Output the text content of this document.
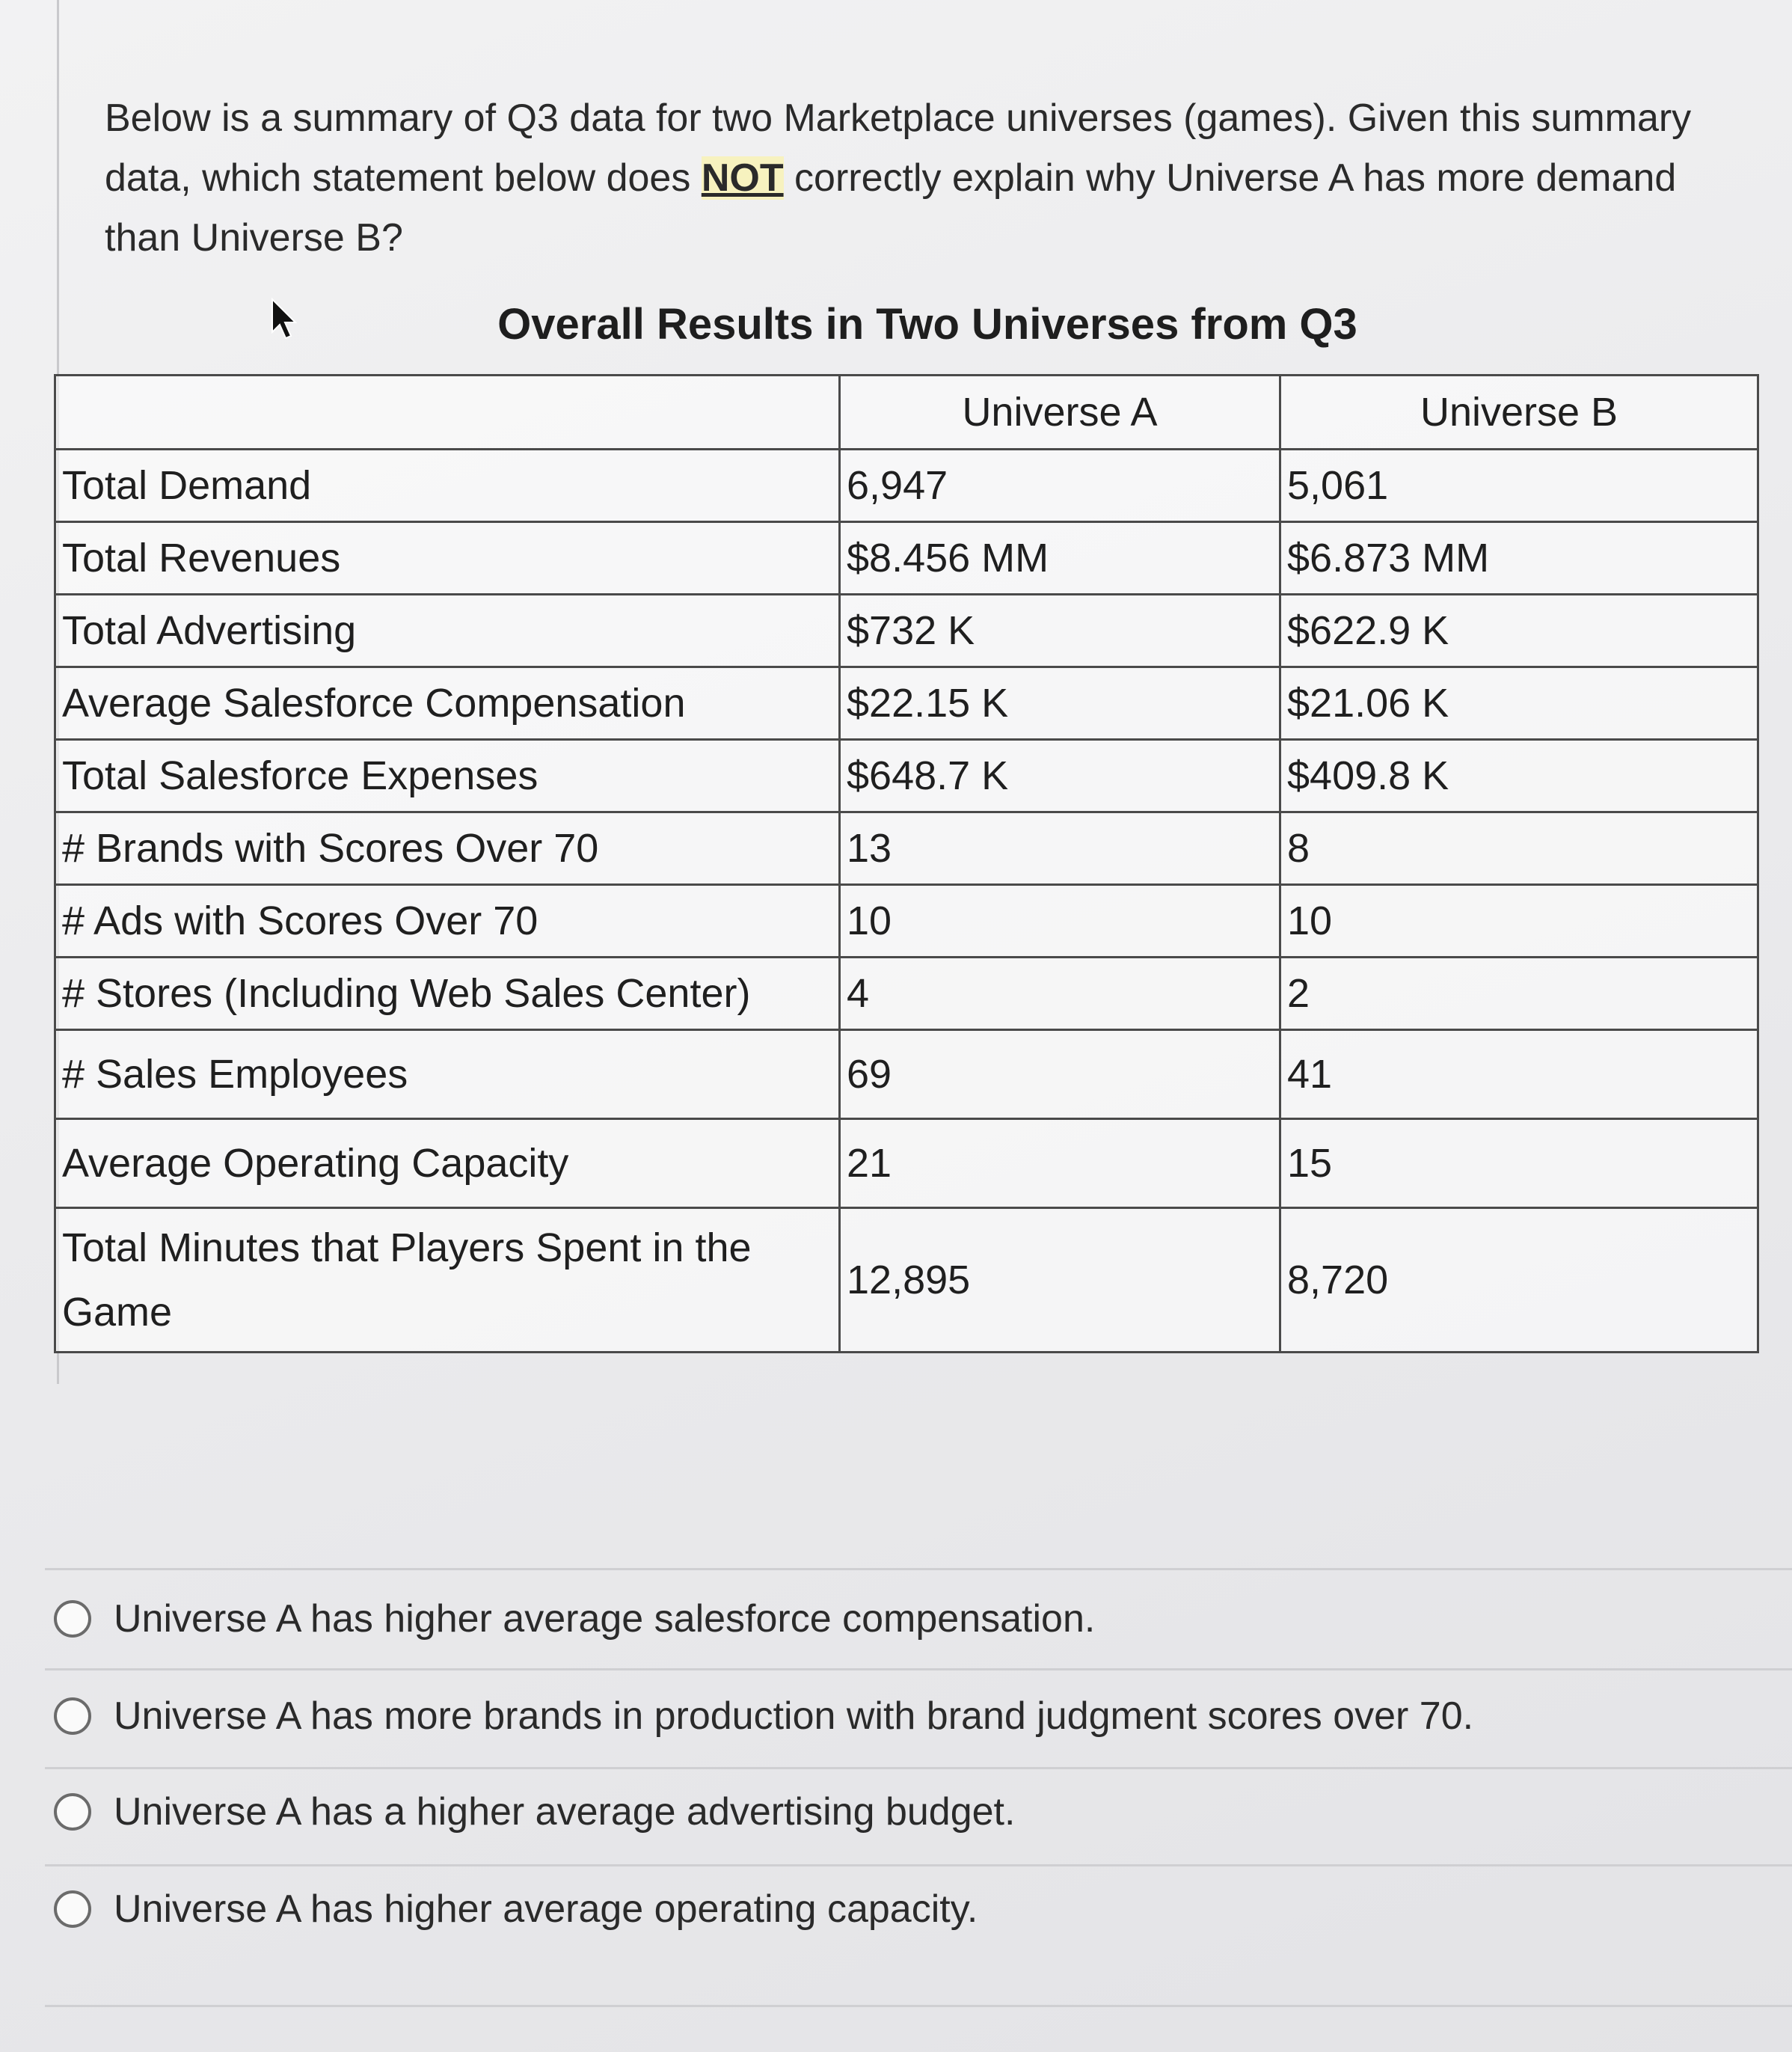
Below is a summary of Q3 data for two Marketplace universes (games). Given this summary data, which statement below does NOT correctly explain why Universe A has more demand than Universe B?
Overall Results in Two Universes from Q3
	Universe A	Universe B
Total Demand	6,947	5,061
Total Revenues	$8.456 MM	$6.873 MM
Total Advertising	$732 K	$622.9 K
Average Salesforce Compensation	$22.15 K	$21.06 K
Total Salesforce Expenses	$648.7 K	$409.8 K
# Brands with Scores Over 70	13	8
# Ads with Scores Over 70	10	10
# Stores (Including Web Sales Center)	4	2
# Sales Employees	69	41
Average Operating Capacity	21	15
Total Minutes that Players Spent in the Game	12,895	8,720
Universe A has higher average salesforce compensation.
Universe A has more brands in production with brand judgment scores over 70.
Universe A has a higher average advertising budget.
Universe A has higher average operating capacity.
